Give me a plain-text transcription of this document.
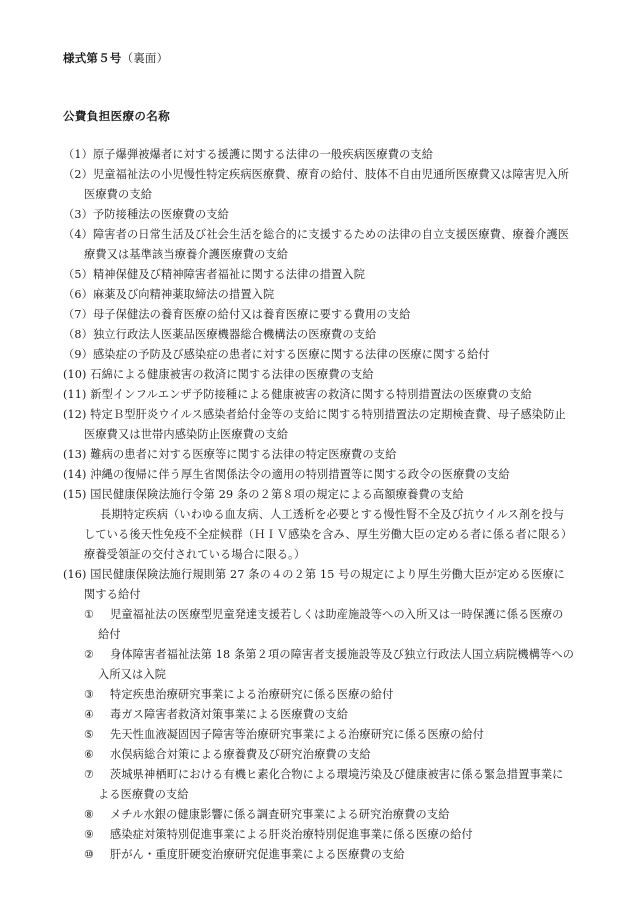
様式第５号（裏面）
公費負担医療の名称
（1）原子爆弾被爆者に対する援護に関する法律の一般疾病医療費の支給
（2）児童福祉法の小児慢性特定疾病医療費、療育の給付、肢体不自由児通所医療費又は障害児入所
医療費の支給
（3）予防接種法の医療費の支給
（4）障害者の日常生活及び社会生活を総合的に支援するための法律の自立支援医療費、療養介護医
療費又は基準該当療養介護医療費の支給
（5）精神保健及び精神障害者福祉に関する法律の措置入院
（6）麻薬及び向精神薬取締法の措置入院
（7）母子保健法の養育医療の給付又は養育医療に要する費用の支給
（8）独立行政法人医薬品医療機器総合機構法の医療費の支給
（9）感染症の予防及び感染症の患者に対する医療に関する法律の医療に関する給付
(10) 石綿による健康被害の救済に関する法律の医療費の支給
(11) 新型インフルエンザ予防接種による健康被害の救済に関する特別措置法の医療費の支給
(12) 特定Ｂ型肝炎ウイルス感染者給付金等の支給に関する特別措置法の定期検査費、母子感染防止
医療費又は世帯内感染防止医療費の支給
(13) 難病の患者に対する医療等に関する法律の特定医療費の支給
(14) 沖縄の復帰に伴う厚生省関係法令の適用の特別措置等に関する政令の医療費の支給
(15) 国民健康保険法施行令第 29 条の２第８項の規定による高額療養費の支給
長期特定疾病（いわゆる血友病、人工透析を必要とする慢性腎不全及び抗ウイルス剤を投与
している後天性免疫不全症候群（ＨＩＶ感染を含み、厚生労働大臣の定める者に係る者に限る）
療養受領証の交付されている場合に限る。）
(16) 国民健康保険法施行規則第 27 条の４の２第 15 号の規定により厚生労働大臣が定める医療に
関する給付
① 児童福祉法の医療型児童発達支援若しくは助産施設等への入所又は一時保護に係る医療の
給付
② 身体障害者福祉法第 18 条第２項の障害者支援施設等及び独立行政法人国立病院機構等への
入所又は入院
③ 特定疾患治療研究事業による治療研究に係る医療の給付
④ 毒ガス障害者救済対策事業による医療費の支給
⑤ 先天性血液凝固因子障害等治療研究事業による治療研究に係る医療の給付
⑥ 水俣病総合対策による療養費及び研究治療費の支給
⑦ 茨城県神栖町における有機ヒ素化合物による環境汚染及び健康被害に係る緊急措置事業に
よる医療費の支給
⑧ メチル水銀の健康影響に係る調査研究事業による研究治療費の支給
⑨ 感染症対策特別促進事業による肝炎治療特別促進事業に係る医療の給付
⑩ 肝がん・重度肝硬変治療研究促進事業による医療費の支給
